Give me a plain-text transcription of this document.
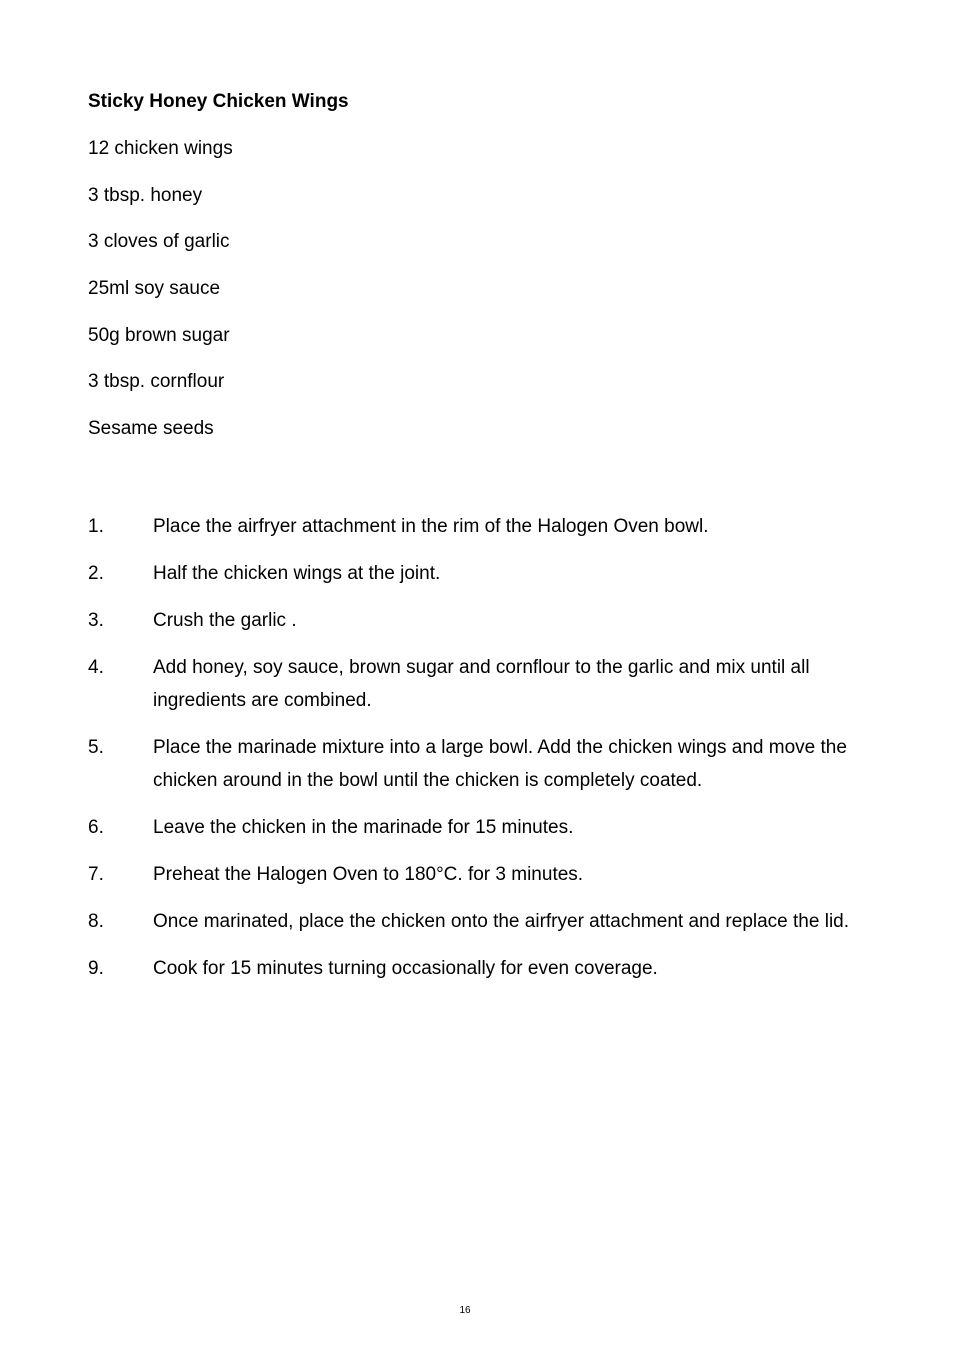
Sticky Honey Chicken Wings
12 chicken wings
3 tbsp. honey
3 cloves of garlic
25ml soy sauce
50g brown sugar
3 tbsp. cornflour
Sesame seeds
1.	Place the airfryer attachment in the rim of the Halogen Oven bowl.
2.	Half the chicken wings at the joint.
3.	Crush the garlic .
4.	Add honey, soy sauce, brown sugar and cornflour to the garlic and mix until all ingredients are combined.
5.	Place the marinade mixture into a large bowl. Add the chicken wings and move the chicken around in the bowl until the chicken is completely coated.
6.	Leave the chicken in the marinade for 15 minutes.
7.	Preheat the Halogen Oven to 180°C. for 3 minutes.
8.	Once marinated, place the chicken onto the airfryer attachment and replace the lid.
9.	Cook for 15 minutes turning occasionally for even coverage.
16
